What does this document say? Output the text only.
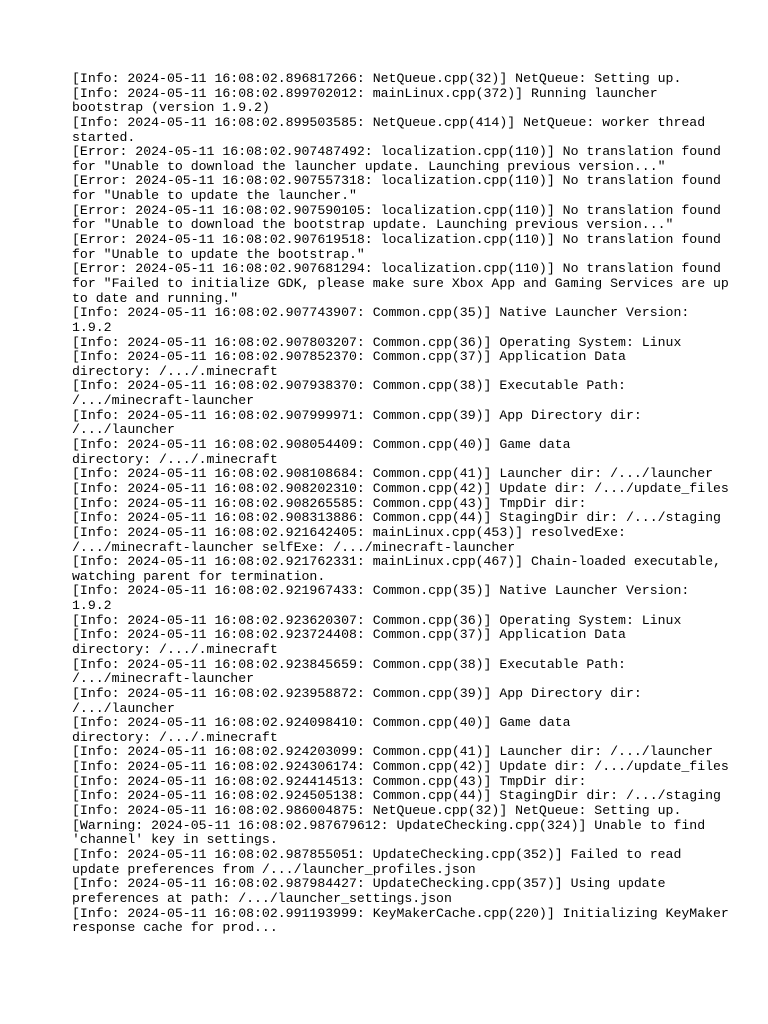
[Info: 2024-05-11 16:08:02.896817266: NetQueue.cpp(32)] NetQueue: Setting up.
[Info: 2024-05-11 16:08:02.899702012: mainLinux.cpp(372)] Running launcher
bootstrap (version 1.9.2)
[Info: 2024-05-11 16:08:02.899503585: NetQueue.cpp(414)] NetQueue: worker thread
started.
[Error: 2024-05-11 16:08:02.907487492: localization.cpp(110)] No translation found
for "Unable to download the launcher update. Launching previous version..."
[Error: 2024-05-11 16:08:02.907557318: localization.cpp(110)] No translation found
for "Unable to update the launcher."
[Error: 2024-05-11 16:08:02.907590105: localization.cpp(110)] No translation found
for "Unable to download the bootstrap update. Launching previous version..."
[Error: 2024-05-11 16:08:02.907619518: localization.cpp(110)] No translation found
for "Unable to update the bootstrap."
[Error: 2024-05-11 16:08:02.907681294: localization.cpp(110)] No translation found
for "Failed to initialize GDK, please make sure Xbox App and Gaming Services are up
to date and running."
[Info: 2024-05-11 16:08:02.907743907: Common.cpp(35)] Native Launcher Version:
1.9.2
[Info: 2024-05-11 16:08:02.907803207: Common.cpp(36)] Operating System: Linux
[Info: 2024-05-11 16:08:02.907852370: Common.cpp(37)] Application Data
directory: /.../.minecraft
[Info: 2024-05-11 16:08:02.907938370: Common.cpp(38)] Executable Path:
/.../minecraft-launcher
[Info: 2024-05-11 16:08:02.907999971: Common.cpp(39)] App Directory dir:
/.../launcher
[Info: 2024-05-11 16:08:02.908054409: Common.cpp(40)] Game data
directory: /.../.minecraft
[Info: 2024-05-11 16:08:02.908108684: Common.cpp(41)] Launcher dir: /.../launcher
[Info: 2024-05-11 16:08:02.908202310: Common.cpp(42)] Update dir: /.../update_files
[Info: 2024-05-11 16:08:02.908265585: Common.cpp(43)] TmpDir dir:
[Info: 2024-05-11 16:08:02.908313886: Common.cpp(44)] StagingDir dir: /.../staging
[Info: 2024-05-11 16:08:02.921642405: mainLinux.cpp(453)] resolvedExe:
/.../minecraft-launcher selfExe: /.../minecraft-launcher
[Info: 2024-05-11 16:08:02.921762331: mainLinux.cpp(467)] Chain-loaded executable,
watching parent for termination.
[Info: 2024-05-11 16:08:02.921967433: Common.cpp(35)] Native Launcher Version:
1.9.2
[Info: 2024-05-11 16:08:02.923620307: Common.cpp(36)] Operating System: Linux
[Info: 2024-05-11 16:08:02.923724408: Common.cpp(37)] Application Data
directory: /.../.minecraft
[Info: 2024-05-11 16:08:02.923845659: Common.cpp(38)] Executable Path:
/.../minecraft-launcher
[Info: 2024-05-11 16:08:02.923958872: Common.cpp(39)] App Directory dir:
/.../launcher
[Info: 2024-05-11 16:08:02.924098410: Common.cpp(40)] Game data
directory: /.../.minecraft
[Info: 2024-05-11 16:08:02.924203099: Common.cpp(41)] Launcher dir: /.../launcher
[Info: 2024-05-11 16:08:02.924306174: Common.cpp(42)] Update dir: /.../update_files
[Info: 2024-05-11 16:08:02.924414513: Common.cpp(43)] TmpDir dir:
[Info: 2024-05-11 16:08:02.924505138: Common.cpp(44)] StagingDir dir: /.../staging
[Info: 2024-05-11 16:08:02.986004875: NetQueue.cpp(32)] NetQueue: Setting up.
[Warning: 2024-05-11 16:08:02.987679612: UpdateChecking.cpp(324)] Unable to find
'channel' key in settings.
[Info: 2024-05-11 16:08:02.987855051: UpdateChecking.cpp(352)] Failed to read
update preferences from /.../launcher_profiles.json
[Info: 2024-05-11 16:08:02.987984427: UpdateChecking.cpp(357)] Using update
preferences at path: /.../launcher_settings.json
[Info: 2024-05-11 16:08:02.991193999: KeyMakerCache.cpp(220)] Initializing KeyMaker
response cache for prod...
